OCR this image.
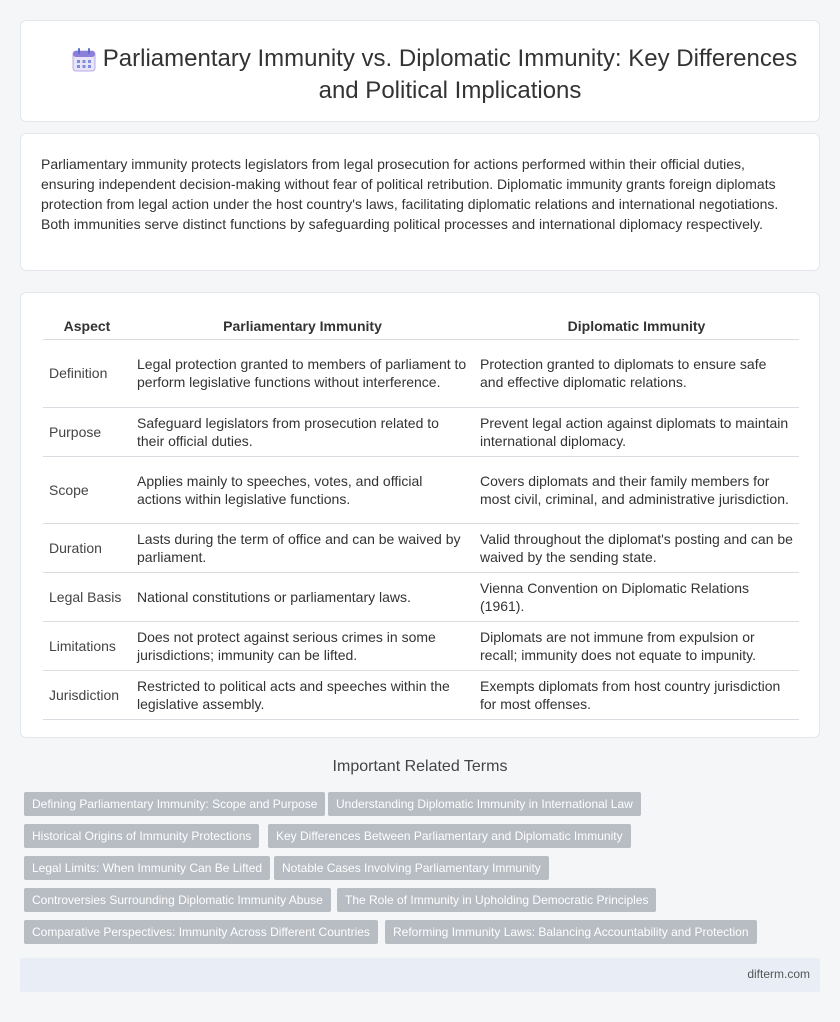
Parliamentary Immunity vs. Diplomatic Immunity: Key Differences and Political Implications

Parliamentary immunity protects legislators from legal prosecution for actions performed within their official duties, ensuring independent decision-making without fear of political retribution. Diplomatic immunity grants foreign diplomats protection from legal action under the host country's laws, facilitating diplomatic relations and international negotiations. Both immunities serve distinct functions by safeguarding political processes and international diplomacy respectively.

Aspect	Parliamentary Immunity	Diplomatic Immunity
Definition	Legal protection granted to members of parliament to perform legislative functions without interference.	Protection granted to diplomats to ensure safe and effective diplomatic relations.
Purpose	Safeguard legislators from prosecution related to their official duties.	Prevent legal action against diplomats to maintain international diplomacy.
Scope	Applies mainly to speeches, votes, and official actions within legislative functions.	Covers diplomats and their family members for most civil, criminal, and administrative jurisdiction.
Duration	Lasts during the term of office and can be waived by parliament.	Valid throughout the diplomat's posting and can be waived by the sending state.
Legal Basis	National constitutions or parliamentary laws.	Vienna Convention on Diplomatic Relations (1961).
Limitations	Does not protect against serious crimes in some jurisdictions; immunity can be lifted.	Diplomats are not immune from expulsion or recall; immunity does not equate to impunity.
Jurisdiction	Restricted to political acts and speeches within the legislative assembly.	Exempts diplomats from host country jurisdiction for most offenses.
Important Related Terms
Defining Parliamentary Immunity: Scope and Purpose	Understanding Diplomatic Immunity in International Law
Historical Origins of Immunity Protections	Key Differences Between Parliamentary and Diplomatic Immunity
Legal Limits: When Immunity Can Be Lifted	Notable Cases Involving Parliamentary Immunity
Controversies Surrounding Diplomatic Immunity Abuse	The Role of Immunity in Upholding Democratic Principles
Comparative Perspectives: Immunity Across Different Countries	Reforming Immunity Laws: Balancing Accountability and Protection
difterm.com
